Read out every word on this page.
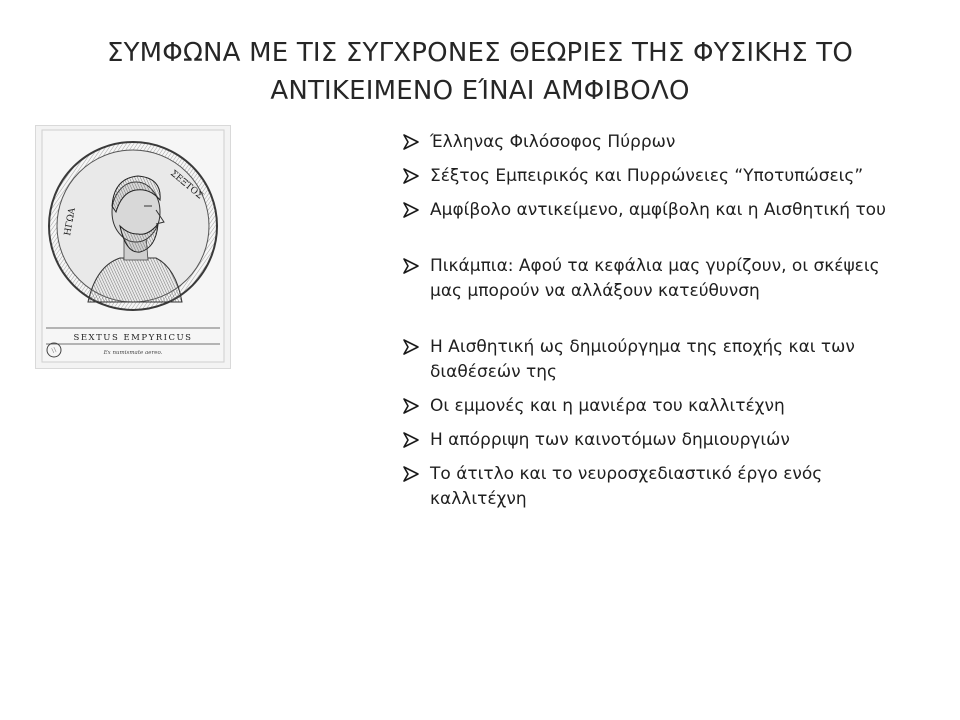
ΣΥΜΦΩΝΑ ΜΕ ΤΙΣ ΣΥΓΧΡΟΝΕΣ ΘΕΩΡΙΕΣ ΤΗΣ ΦΥΣΙΚΗΣ ΤΟ
ΑΝΤΙΚΕΙΜΕΝΟ ΕΊΝΑΙ ΑΜΦΙΒΟΛΟ
ΣΕΞΤΟΣ
ΗΓΩΑ
SEXTUS EMPYRICUS
Ex numismate aereo.
Έλληνας Φιλόσοφος Πύρρων
Σέξτος Εμπειρικός και Πυρρώνειες “Υποτυπώσεις”
Αμφίβολο αντικείμενο, αμφίβολη και η Αισθητική του
Πικάμπια: Αφού τα κεφάλια μας γυρίζουν, οι σκέψεις μας μπορούν να αλλάξουν κατεύθυνση
Η Αισθητική ως δημιούργημα της εποχής και των διαθέσεών της
Οι εμμονές και η μανιέρα του καλλιτέχνη
Η απόρριψη των καινοτόμων δημιουργιών
Το άτιτλο και το νευροσχεδιαστικό έργο ενός καλλιτέχνη
